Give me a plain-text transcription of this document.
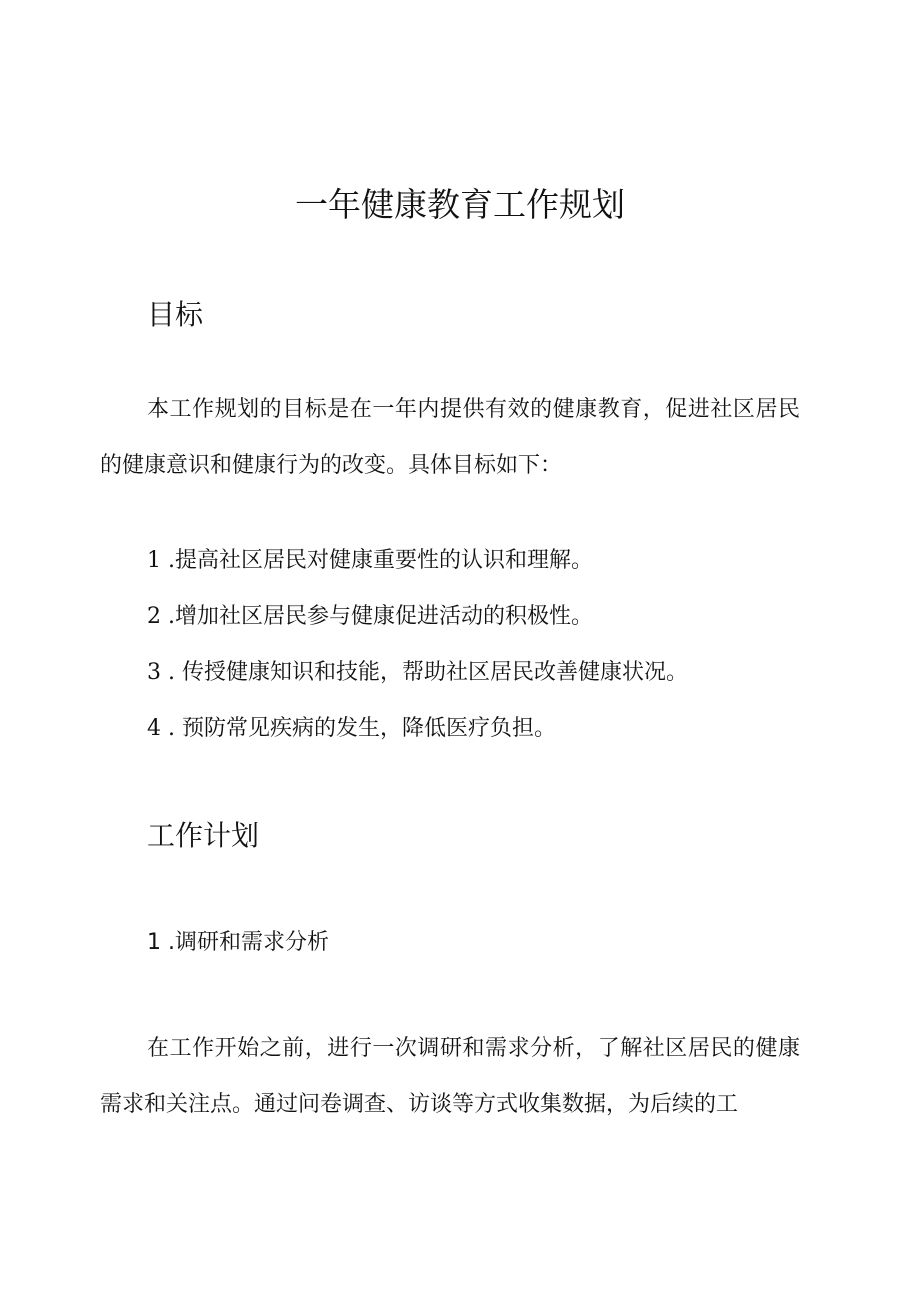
一年健康教育工作规划
目标

本工作规划的目标是在一年内提供有效的健康教育，促进社区居民的健康意识和健康行为的改变。具体目标如下：

1 .提高社区居民对健康重要性的认识和理解。

2 .增加社区居民参与健康促进活动的积极性。

3 . 传授健康知识和技能，帮助社区居民改善健康状况。

4 . 预防常见疾病的发生，降低医疗负担。

工作计划
1 .调研和需求分析

在工作开始之前，进行一次调研和需求分析，了解社区居民的健康需求和关注点。通过问卷调查、访谈等方式收集数据，为后续的工
